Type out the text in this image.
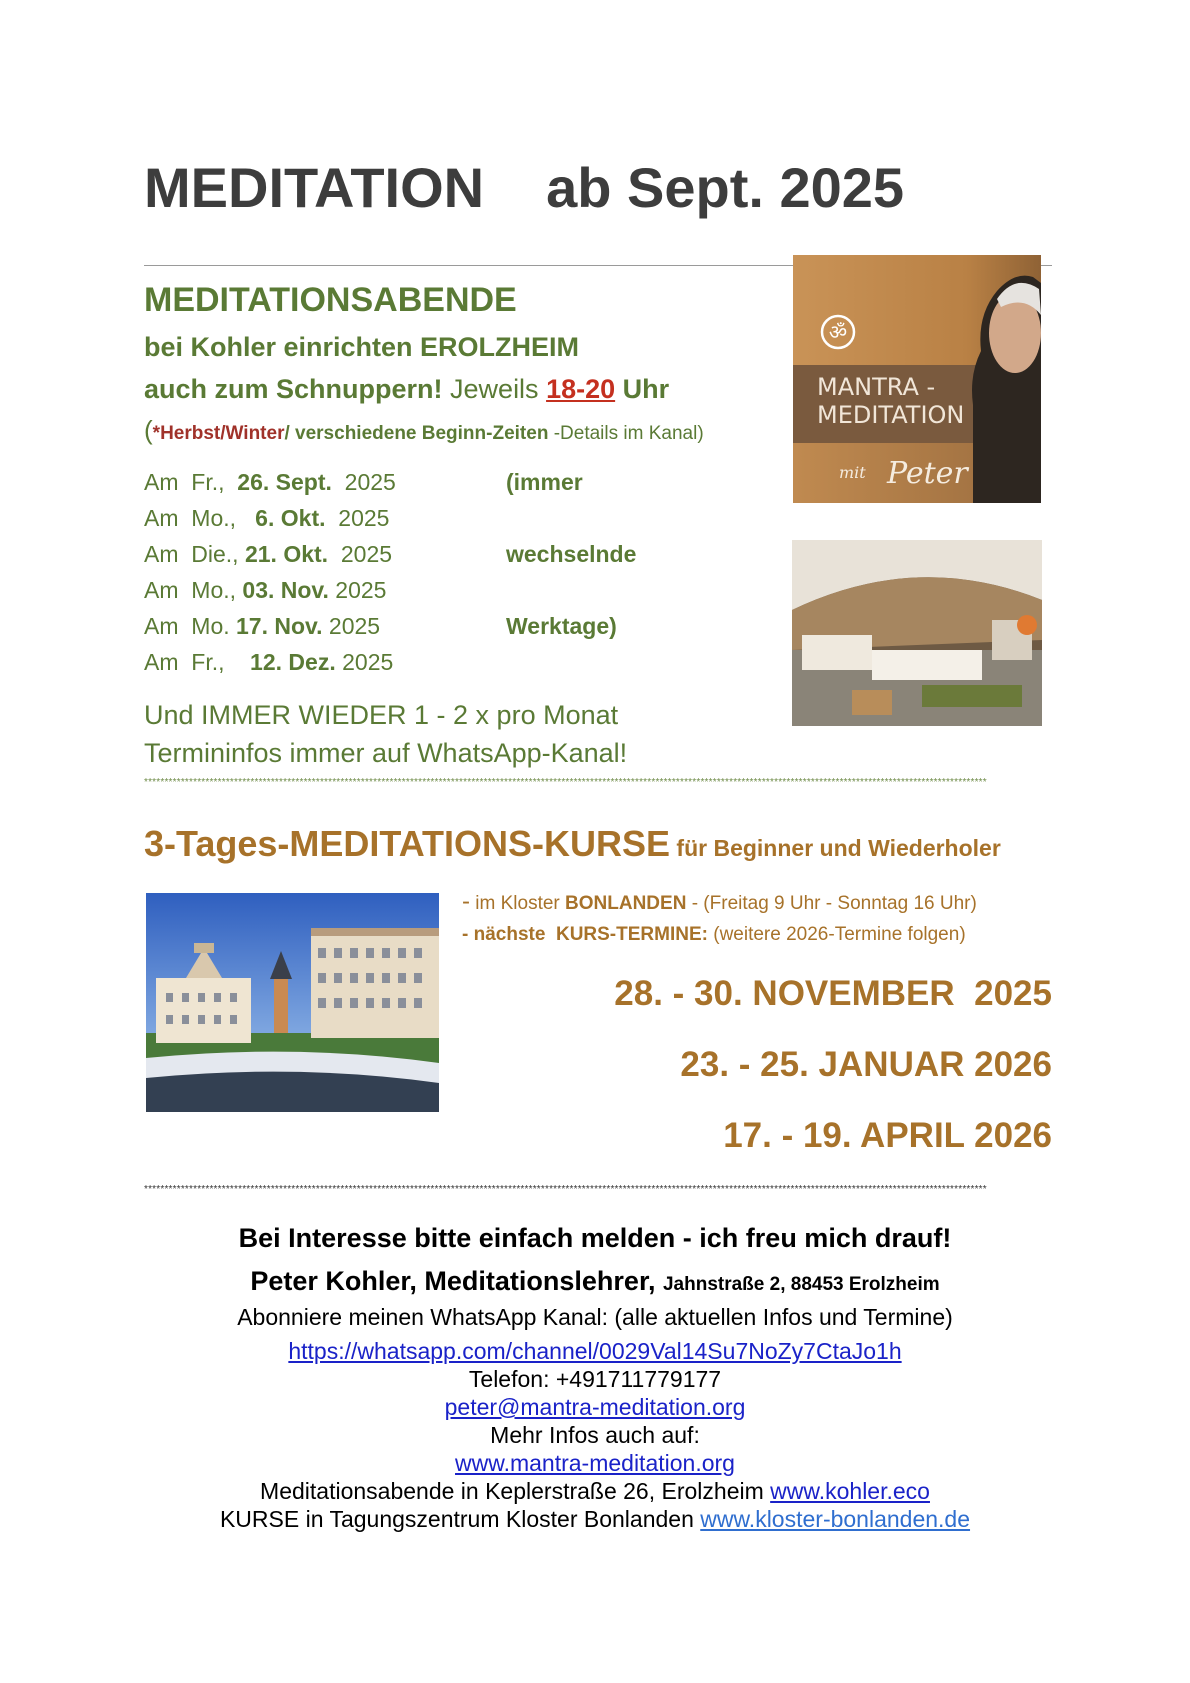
MEDITATION ab Sept. 2025
MEDITATIONSABENDE
bei Kohler einrichten EROLZHEIM
auch zum Schnuppern! Jeweils 18-20 Uhr
(*Herbst/Winter/ verschiedene Beginn-Zeiten -Details im Kanal)
Am  Fr.,  26. Sept.  2025
Am  Mo.,   6. Okt.  2025
Am  Die., 21. Okt.  2025
Am  Mo., 03. Nov. 2025
Am  Mo. 17. Nov. 2025
Am  Fr.,    12. Dez. 2025
(immer
wechselnde
Werktage)
Und IMMER WIEDER 1 - 2 x pro Monat
Termininfos immer auf WhatsApp-Kanal!
ॐ
MANTRA -
MEDITATION
mit Peter
**************************************************************************************************************************************************************************************************************
3-Tages-MEDITATIONS-KURSE für Beginner und Wiederholer
- im Kloster BONLANDEN - (Freitag 9 Uhr - Sonntag 16 Uhr)
- nächste  KURS-TERMINE: (weitere 2026-Termine folgen)
28. - 30. NOVEMBER  2025
23. - 25. JANUAR 2026
17. - 19. APRIL 2026
**************************************************************************************************************************************************************************************************************
Bei Interesse bitte einfach melden - ich freu mich drauf!
Peter Kohler, Meditationslehrer, Jahnstraße 2, 88453 Erolzheim
Abonniere meinen WhatsApp Kanal: (alle aktuellen Infos und Termine)
https://whatsapp.com/channel/0029Val14Su7NoZy7CtaJo1h
Telefon: +491711779177
peter@mantra-meditation.org
Mehr Infos auch auf:
www.mantra-meditation.org
Meditationsabende in Keplerstraße 26, Erolzheim www.kohler.eco
KURSE in Tagungszentrum Kloster Bonlanden www.kloster-bonlanden.de
